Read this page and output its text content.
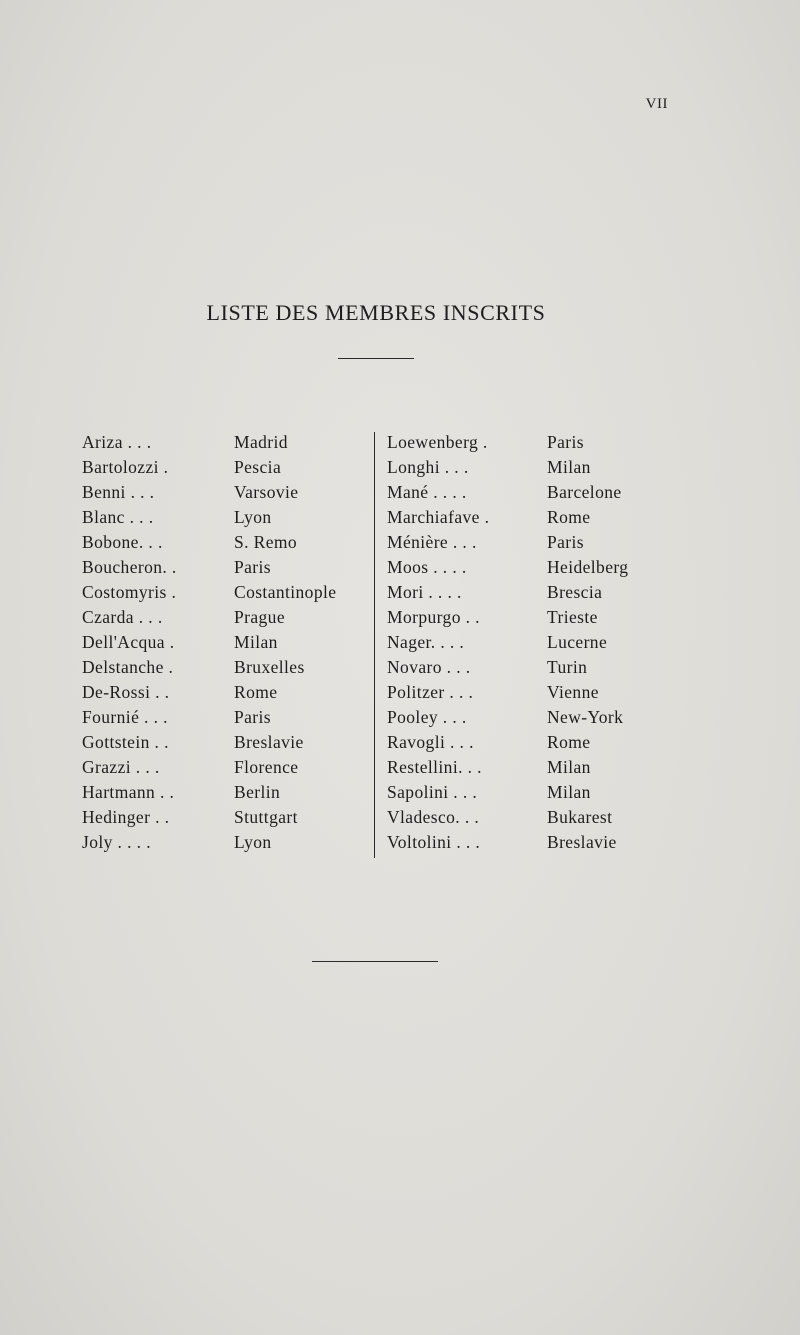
VII
LISTE DES MEMBRES INSCRITS
Ariza . . .	Madrid
Bartolozzi .	Pescia
Benni . . .	Varsovie
Blanc . . .	Lyon
Bobone. . .	S. Remo
Boucheron. .	Paris
Costomyris .	Costantinople
Czarda . . .	Prague
Dell'Acqua .	Milan
Delstanche .	Bruxelles
De-Rossi . .	Rome
Fournié . . .	Paris
Gottstein . .	Breslavie
Grazzi . . .	Florence
Hartmann . .	Berlin
Hedinger . .	Stuttgart
Joly . . . .	Lyon
Loewenberg .	Paris
Longhi . . .	Milan
Mané . . . .	Barcelone
Marchiafave .	Rome
Ménière . . .	Paris
Moos . . . .	Heidelberg
Mori . . . .	Brescia
Morpurgo . .	Trieste
Nager. . . .	Lucerne
Novaro . . .	Turin
Politzer . . .	Vienne
Pooley . . .	New-York
Ravogli . . .	Rome
Restellini. . .	Milan
Sapolini . . .	Milan
Vladesco. . .	Bukarest
Voltolini . . .	Breslavie
